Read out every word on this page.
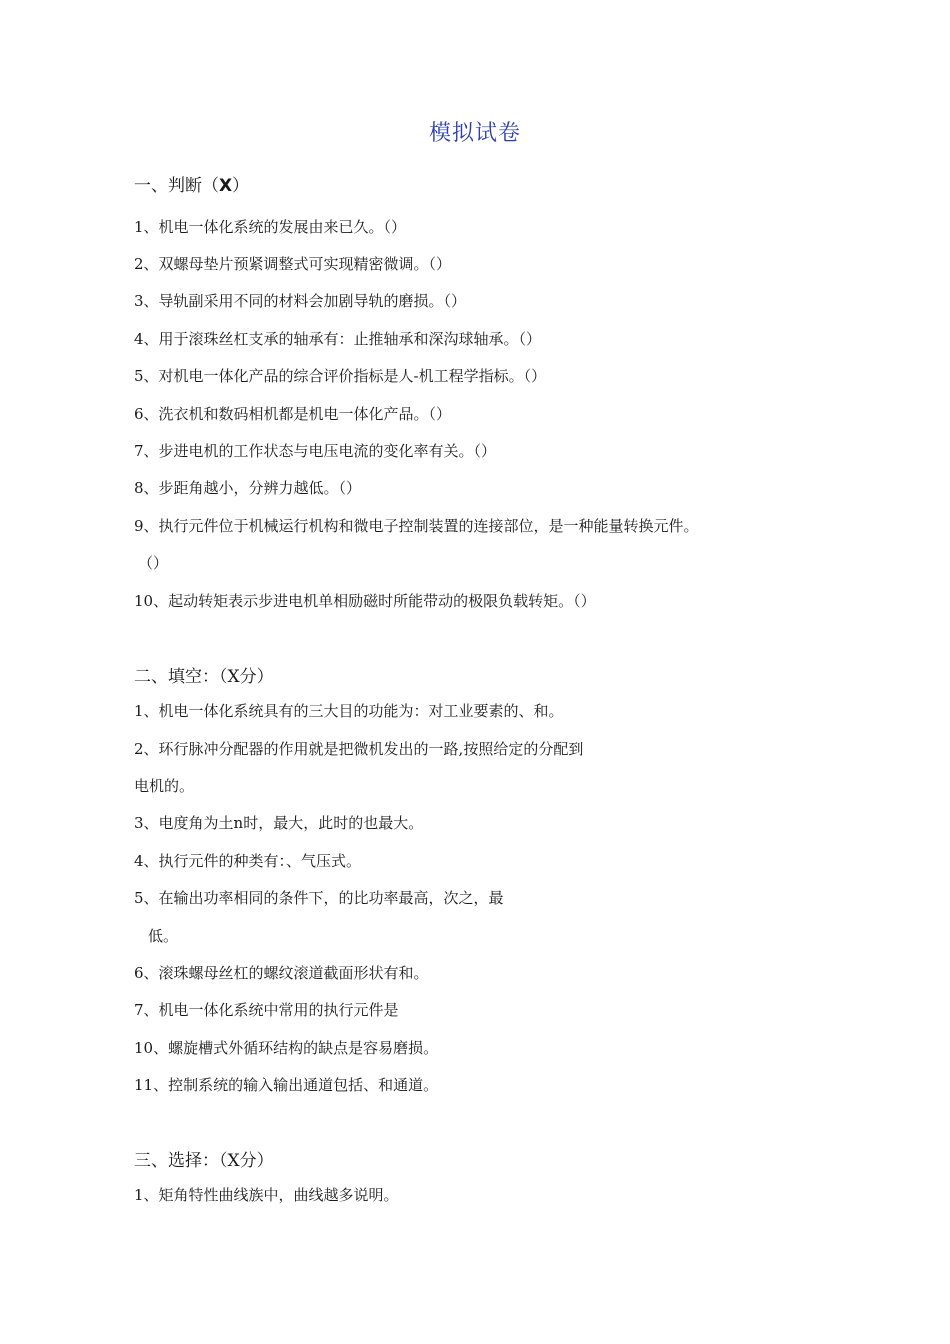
模拟试卷
一、判断（X）
1、机电一体化系统的发展由来已久。（）
2、双螺母垫片预紧调整式可实现精密微调。（）
3、导轨副采用不同的材料会加剧导轨的磨损。（）
4、用于滚珠丝杠支承的轴承有：止推轴承和深沟球轴承。（）
5、对机电一体化产品的综合评价指标是人-机工程学指标。（）
6、洗衣机和数码相机都是机电一体化产品。（）
7、步进电机的工作状态与电压电流的变化率有关。（）
8、步距角越小，分辨力越低。（）
9、执行元件位于机械运行机构和微电子控制装置的连接部位，是一种能量转换元件。
（）
10、起动转矩表示步进电机单相励磁时所能带动的极限负载转矩。（）
二、填空：（X分）
1、机电一体化系统具有的三大目的功能为：对工业要素的、和。
2、环行脉冲分配器的作用就是把微机发出的一路,按照给定的分配到
电机的。
3、电度角为土n时，最大，此时的也最大。
4、执行元件的种类有：、气压式。
5、在输出功率相同的条件下，的比功率最高，次之，最
低。
6、滚珠螺母丝杠的螺纹滚道截面形状有和。
7、机电一体化系统中常用的执行元件是
10、螺旋槽式外循环结构的缺点是容易磨损。
11、控制系统的输入输出通道包括、和通道。
三、选择：（X分）
1、矩角特性曲线族中，曲线越多说明。
